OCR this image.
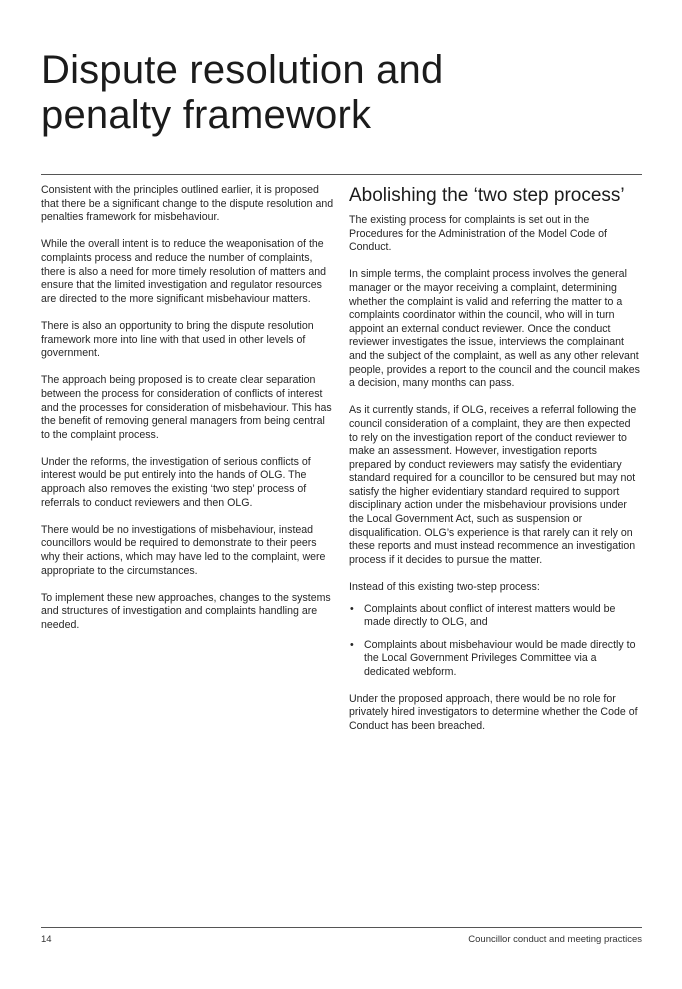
Dispute resolution and
penalty framework

Consistent with the principles outlined earlier, it is proposed that there be a significant change to the dispute resolution and penalties framework for misbehaviour.

While the overall intent is to reduce the weaponisation of the complaints process and reduce the number of complaints, there is also a need for more timely resolution of matters and ensure that the limited investigation and regulator resources are directed to the more significant misbehaviour matters.

There is also an opportunity to bring the dispute resolution framework more into line with that used in other levels of government.

The approach being proposed is to create clear separation between the process for consideration of conflicts of interest and the processes for consideration of misbehaviour. This has the benefit of removing general managers from being central to the complaint process.

Under the reforms, the investigation of serious conflicts of interest would be put entirely into the hands of OLG. The approach also removes the existing ‘two step’ process of referrals to conduct reviewers and then OLG.

There would be no investigations of misbehaviour, instead councillors would be required to demonstrate to their peers why their actions, which may have led to the complaint, were appropriate to the circumstances.

To implement these new approaches, changes to the systems and structures of investigation and complaints handling are needed.

Abolishing the ‘two step process’

The existing process for complaints is set out in the Procedures for the Administration of the Model Code of Conduct.

In simple terms, the complaint process involves the general manager or the mayor receiving a complaint, determining whether the complaint is valid and referring the matter to a complaints coordinator within the council, who will in turn appoint an external conduct reviewer. Once the conduct reviewer investigates the issue, interviews the complainant and the subject of the complaint, as well as any other relevant people, provides a report to the council and the council makes a decision, many months can pass.

As it currently stands, if OLG, receives a referral following the council consideration of a complaint, they are then expected to rely on the investigation report of the conduct reviewer to make an assessment. However, investigation reports prepared by conduct reviewers may satisfy the evidentiary standard required for a councillor to be censured but may not satisfy the higher evidentiary standard required to support disciplinary action under the misbehaviour provisions under the Local Government Act, such as suspension or disqualification. OLG’s experience is that rarely can it rely on these reports and must instead recommence an investigation process if it decides to pursue the matter.

Instead of this existing two-step process:

• Complaints about conflict of interest matters would be made directly to OLG, and
• Complaints about misbehaviour would be made directly to the Local Government Privileges Committee via a dedicated webform.

Under the proposed approach, there would be no role for privately hired investigators to determine whether the Code of Conduct has been breached.

14	Councillor conduct and meeting practices
